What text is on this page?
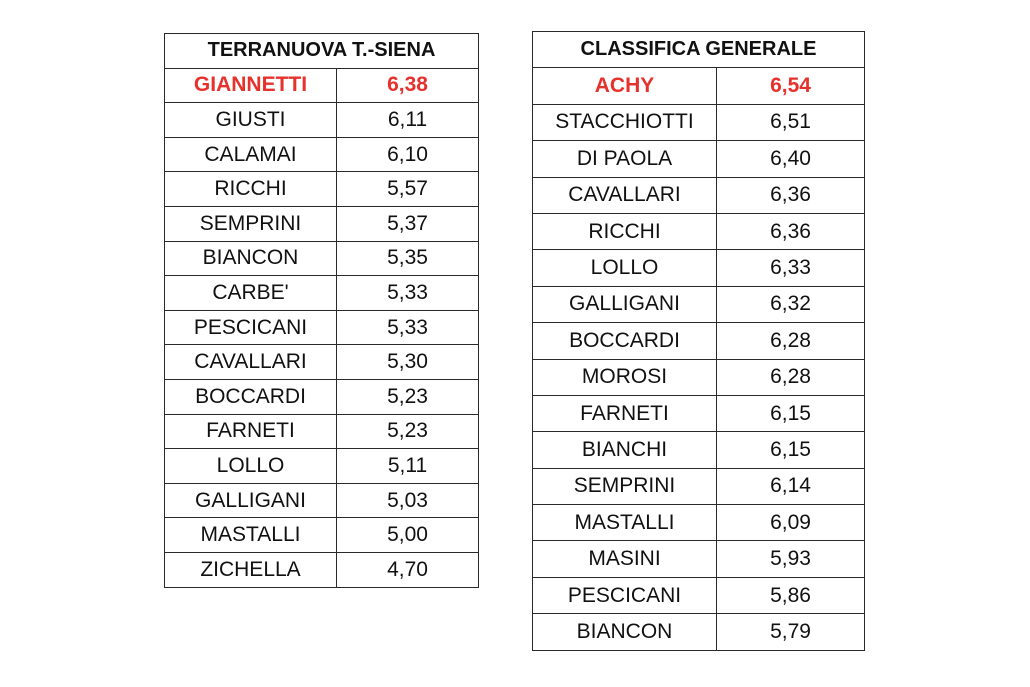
TERRANUOVA T.-SIENA	
GIANNETTI	6,38
GIUSTI	6,11
CALAMAI	6,10
RICCHI	5,57
SEMPRINI	5,37
BIANCON	5,35
CARBE'	5,33
PESCICANI	5,33
CAVALLARI	5,30
BOCCARDI	5,23
FARNETI	5,23
LOLLO	5,11
GALLIGANI	5,03
MASTALLI	5,00
ZICHELLA	4,70
CLASSIFICA GENERALE	
ACHY	6,54
STACCHIOTTI	6,51
DI PAOLA	6,40
CAVALLARI	6,36
RICCHI	6,36
LOLLO	6,33
GALLIGANI	6,32
BOCCARDI	6,28
MOROSI	6,28
FARNETI	6,15
BIANCHI	6,15
SEMPRINI	6,14
MASTALLI	6,09
MASINI	5,93
PESCICANI	5,86
BIANCON	5,79
